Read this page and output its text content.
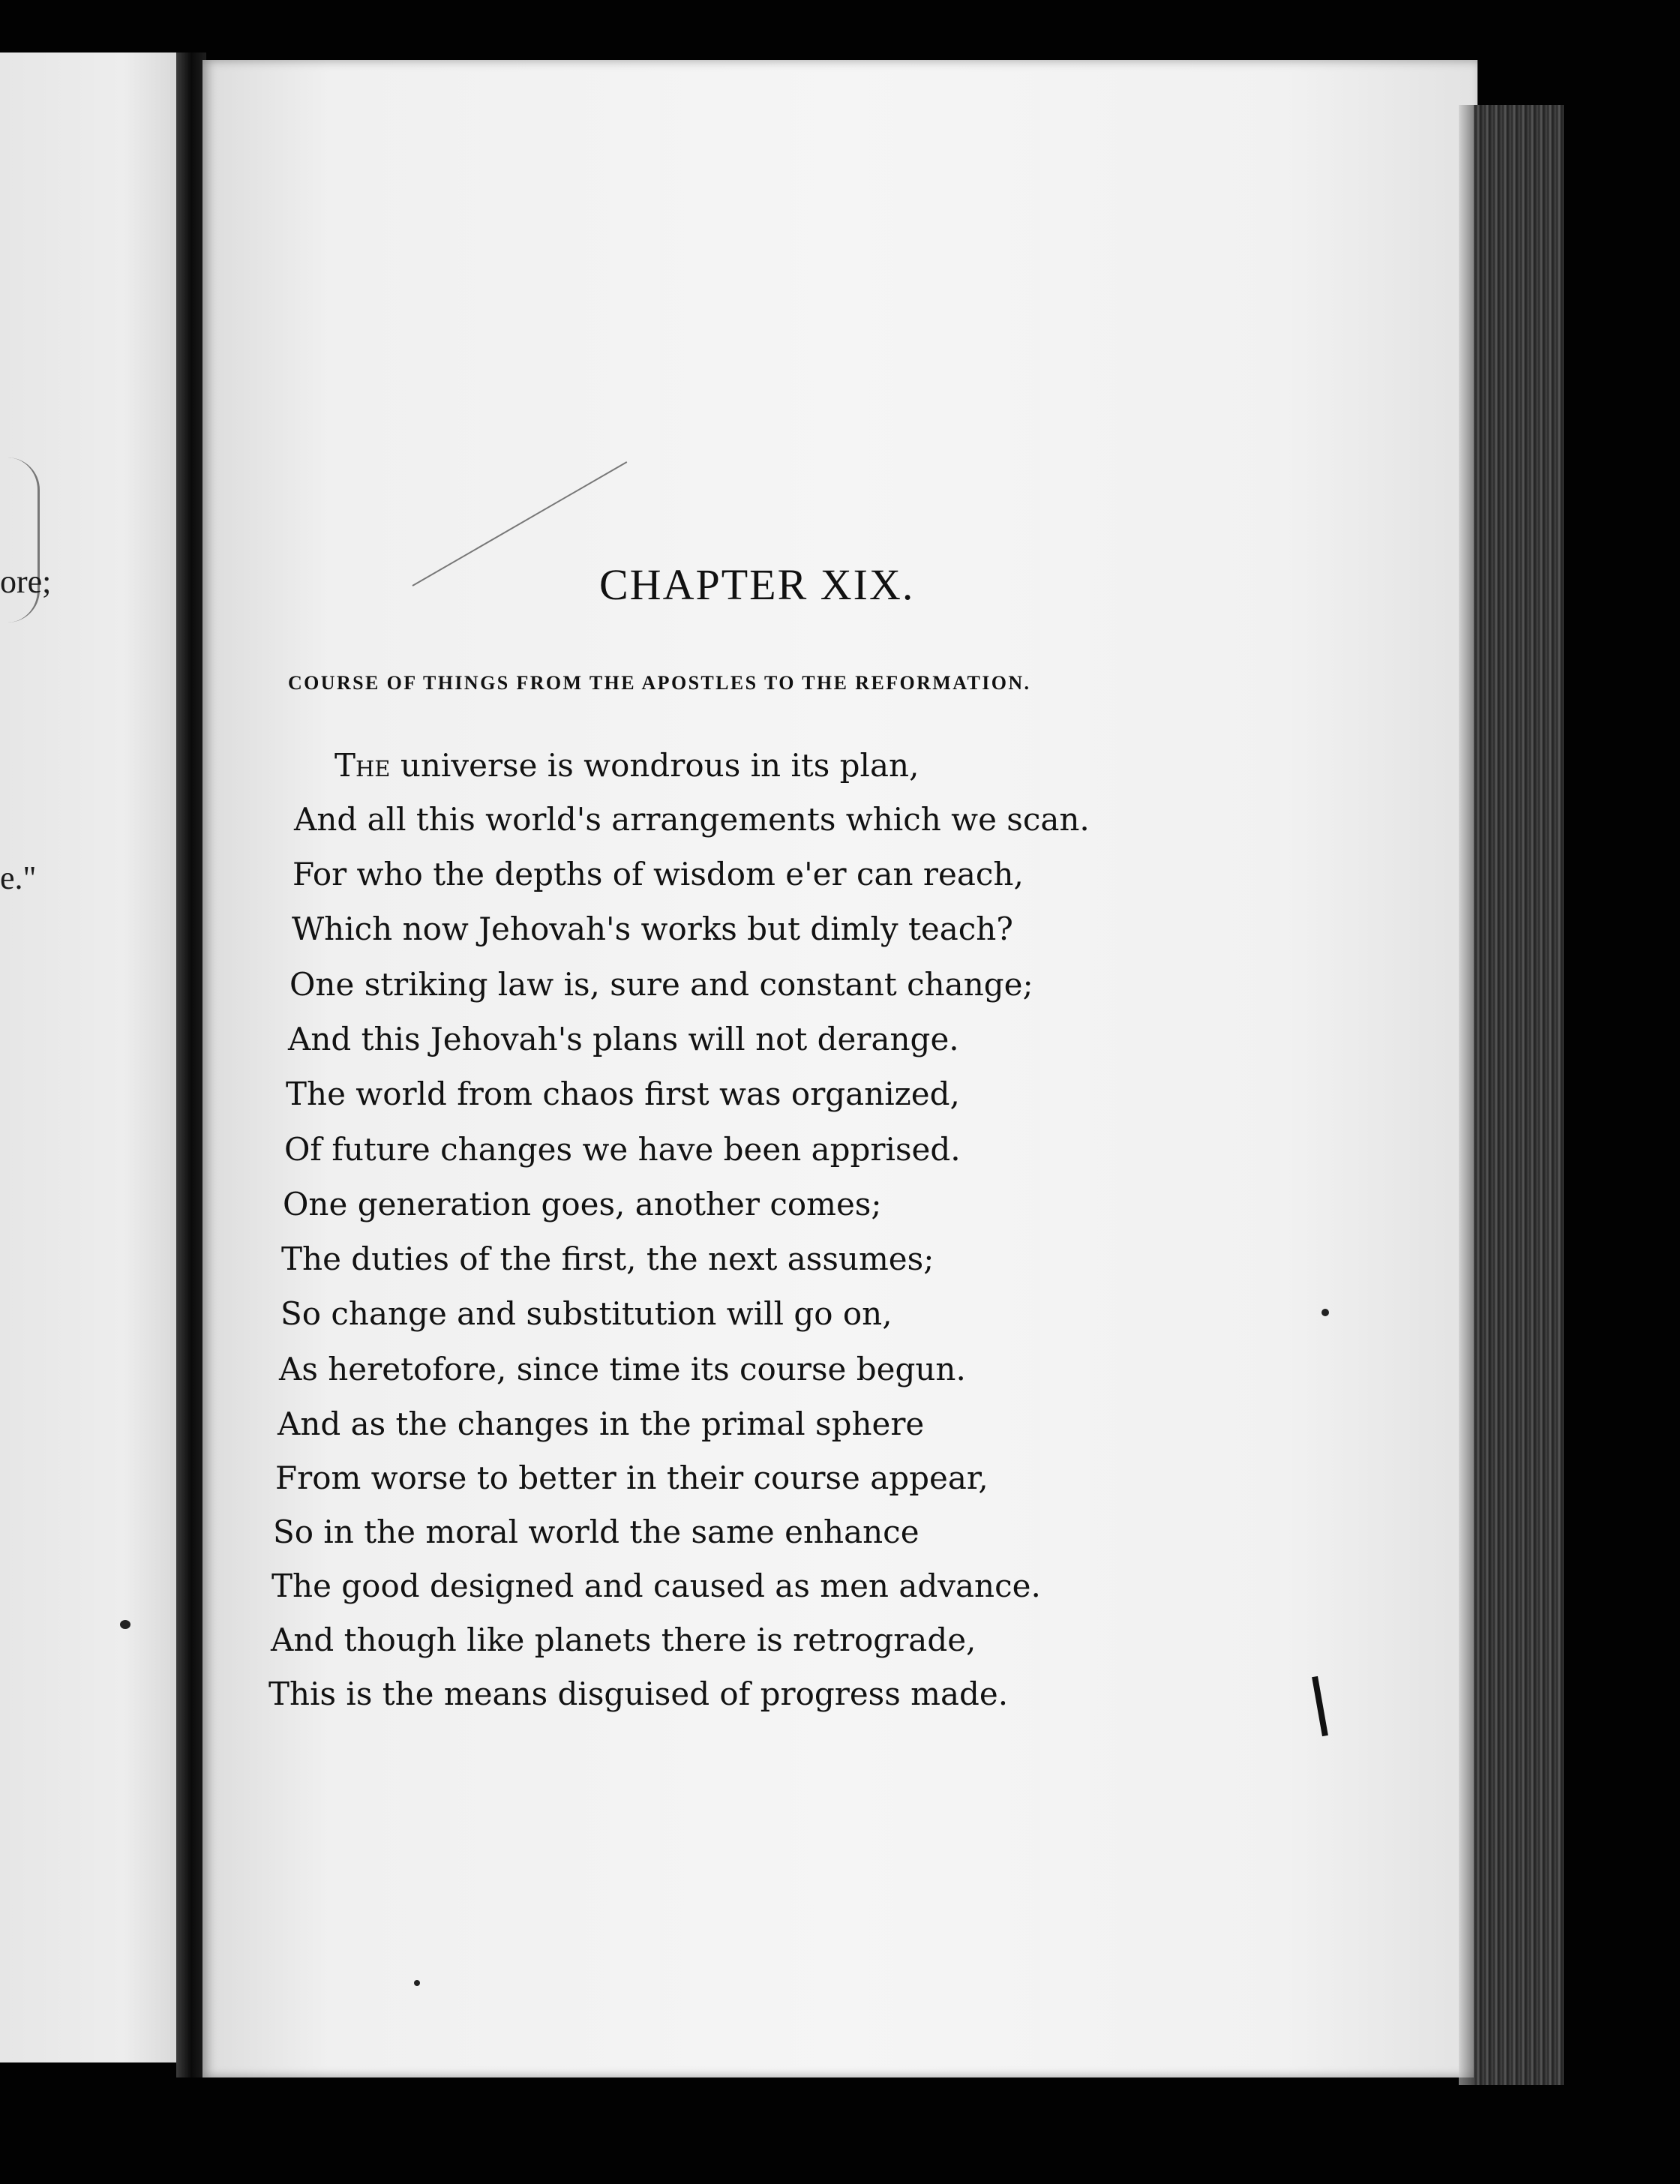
ore;
e."
CHAPTER XIX.
COURSE OF THINGS FROM THE APOSTLES TO THE REFORMATION.
The universe is wondrous in its plan,
And all this world's arrangements which we scan.
For who the depths of wisdom e'er can reach,
Which now Jehovah's works but dimly teach?
One striking law is, sure and constant change;
And this Jehovah's plans will not derange.
The world from chaos first was organized,
Of future changes we have been apprised.
One generation goes, another comes;
The duties of the first, the next assumes;
So change and substitution will go on,
As heretofore, since time its course begun.
And as the changes in the primal sphere
From worse to better in their course appear,
So in the moral world the same enhance
The good designed and caused as men advance.
And though like planets there is retrograde,
This is the means disguised of progress made.
